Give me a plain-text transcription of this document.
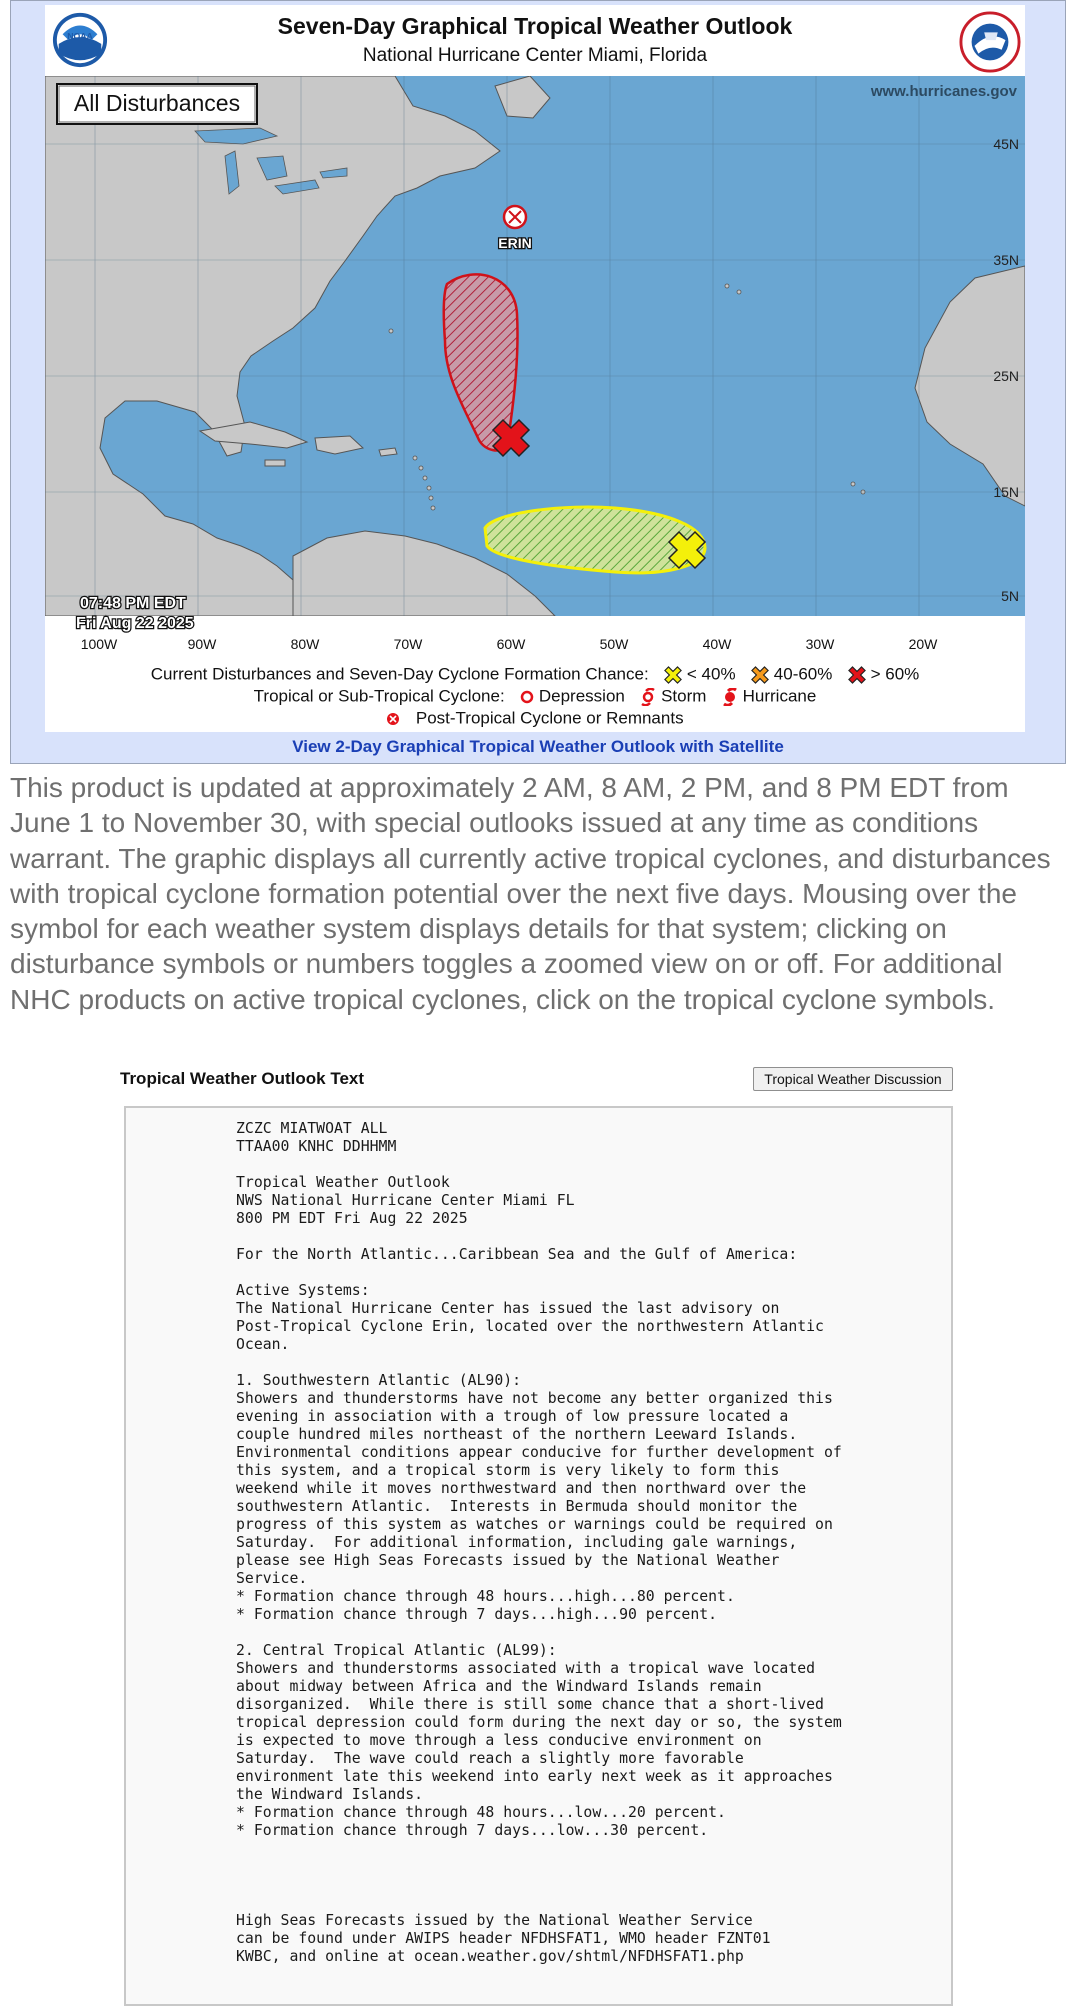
NOAA	Seven-Day Graphical Tropical Weather Outlook
National Hurricane Center Miami, Florida
100W	90W	80W	70W	60W	50W	40W	30W	20W
45N
35N
25N
15N
5N
www.hurricanes.gov
All Disturbances
ERIN
07:48 PM EDT
Fri Aug 22 2025
Current Disturbances and Seven-Day Cyclone Formation Chance: < 40% 40-60% > 60%
Tropical or Sub-Tropical Cyclone: Depression Storm Hurricane
Post-Tropical Cyclone or Remnants
View 2-Day Graphical Tropical Weather Outlook with Satellite

This product is updated at approximately 2 AM, 8 AM, 2 PM, and 8 PM EDT from June 1 to November 30, with special outlooks issued at any time as conditions warrant. The graphic displays all currently active tropical cyclones, and disturbances with tropical cyclone formation potential over the next five days. Mousing over the symbol for each weather system displays details for that system; clicking on disturbance symbols or numbers toggles a zoomed view on or off. For additional NHC products on active tropical cyclones, click on the tropical cyclone symbols.

Tropical Weather Outlook Text	Tropical Weather Discussion
ZCZC MIATWOAT ALL
TTAA00 KNHC DDHHMM

Tropical Weather Outlook
NWS National Hurricane Center Miami FL
800 PM EDT Fri Aug 22 2025

For the North Atlantic...Caribbean Sea and the Gulf of America:

Active Systems:
The National Hurricane Center has issued the last advisory on
Post-Tropical Cyclone Erin, located over the northwestern Atlantic
Ocean.

1. Southwestern Atlantic (AL90):
Showers and thunderstorms have not become any better organized this
evening in association with a trough of low pressure located a
couple hundred miles northeast of the northern Leeward Islands.
Environmental conditions appear conducive for further development of
this system, and a tropical storm is very likely to form this
weekend while it moves northwestward and then northward over the
southwestern Atlantic.  Interests in Bermuda should monitor the
progress of this system as watches or warnings could be required on
Saturday.  For additional information, including gale warnings,
please see High Seas Forecasts issued by the National Weather
Service.
* Formation chance through 48 hours...high...80 percent.
* Formation chance through 7 days...high...90 percent.

2. Central Tropical Atlantic (AL99):
Showers and thunderstorms associated with a tropical wave located
about midway between Africa and the Windward Islands remain
disorganized.  While there is still some chance that a short-lived
tropical depression could form during the next day or so, the system
is expected to move through a less conducive environment on
Saturday.  The wave could reach a slightly more favorable
environment late this weekend into early next week as it approaches
the Windward Islands.
* Formation chance through 48 hours...low...20 percent.
* Formation chance through 7 days...low...30 percent.

High Seas Forecasts issued by the National Weather Service
can be found under AWIPS header NFDHSFAT1, WMO header FZNT01
KWBC, and online at ocean.weather.gov/shtml/NFDHSFAT1.php
